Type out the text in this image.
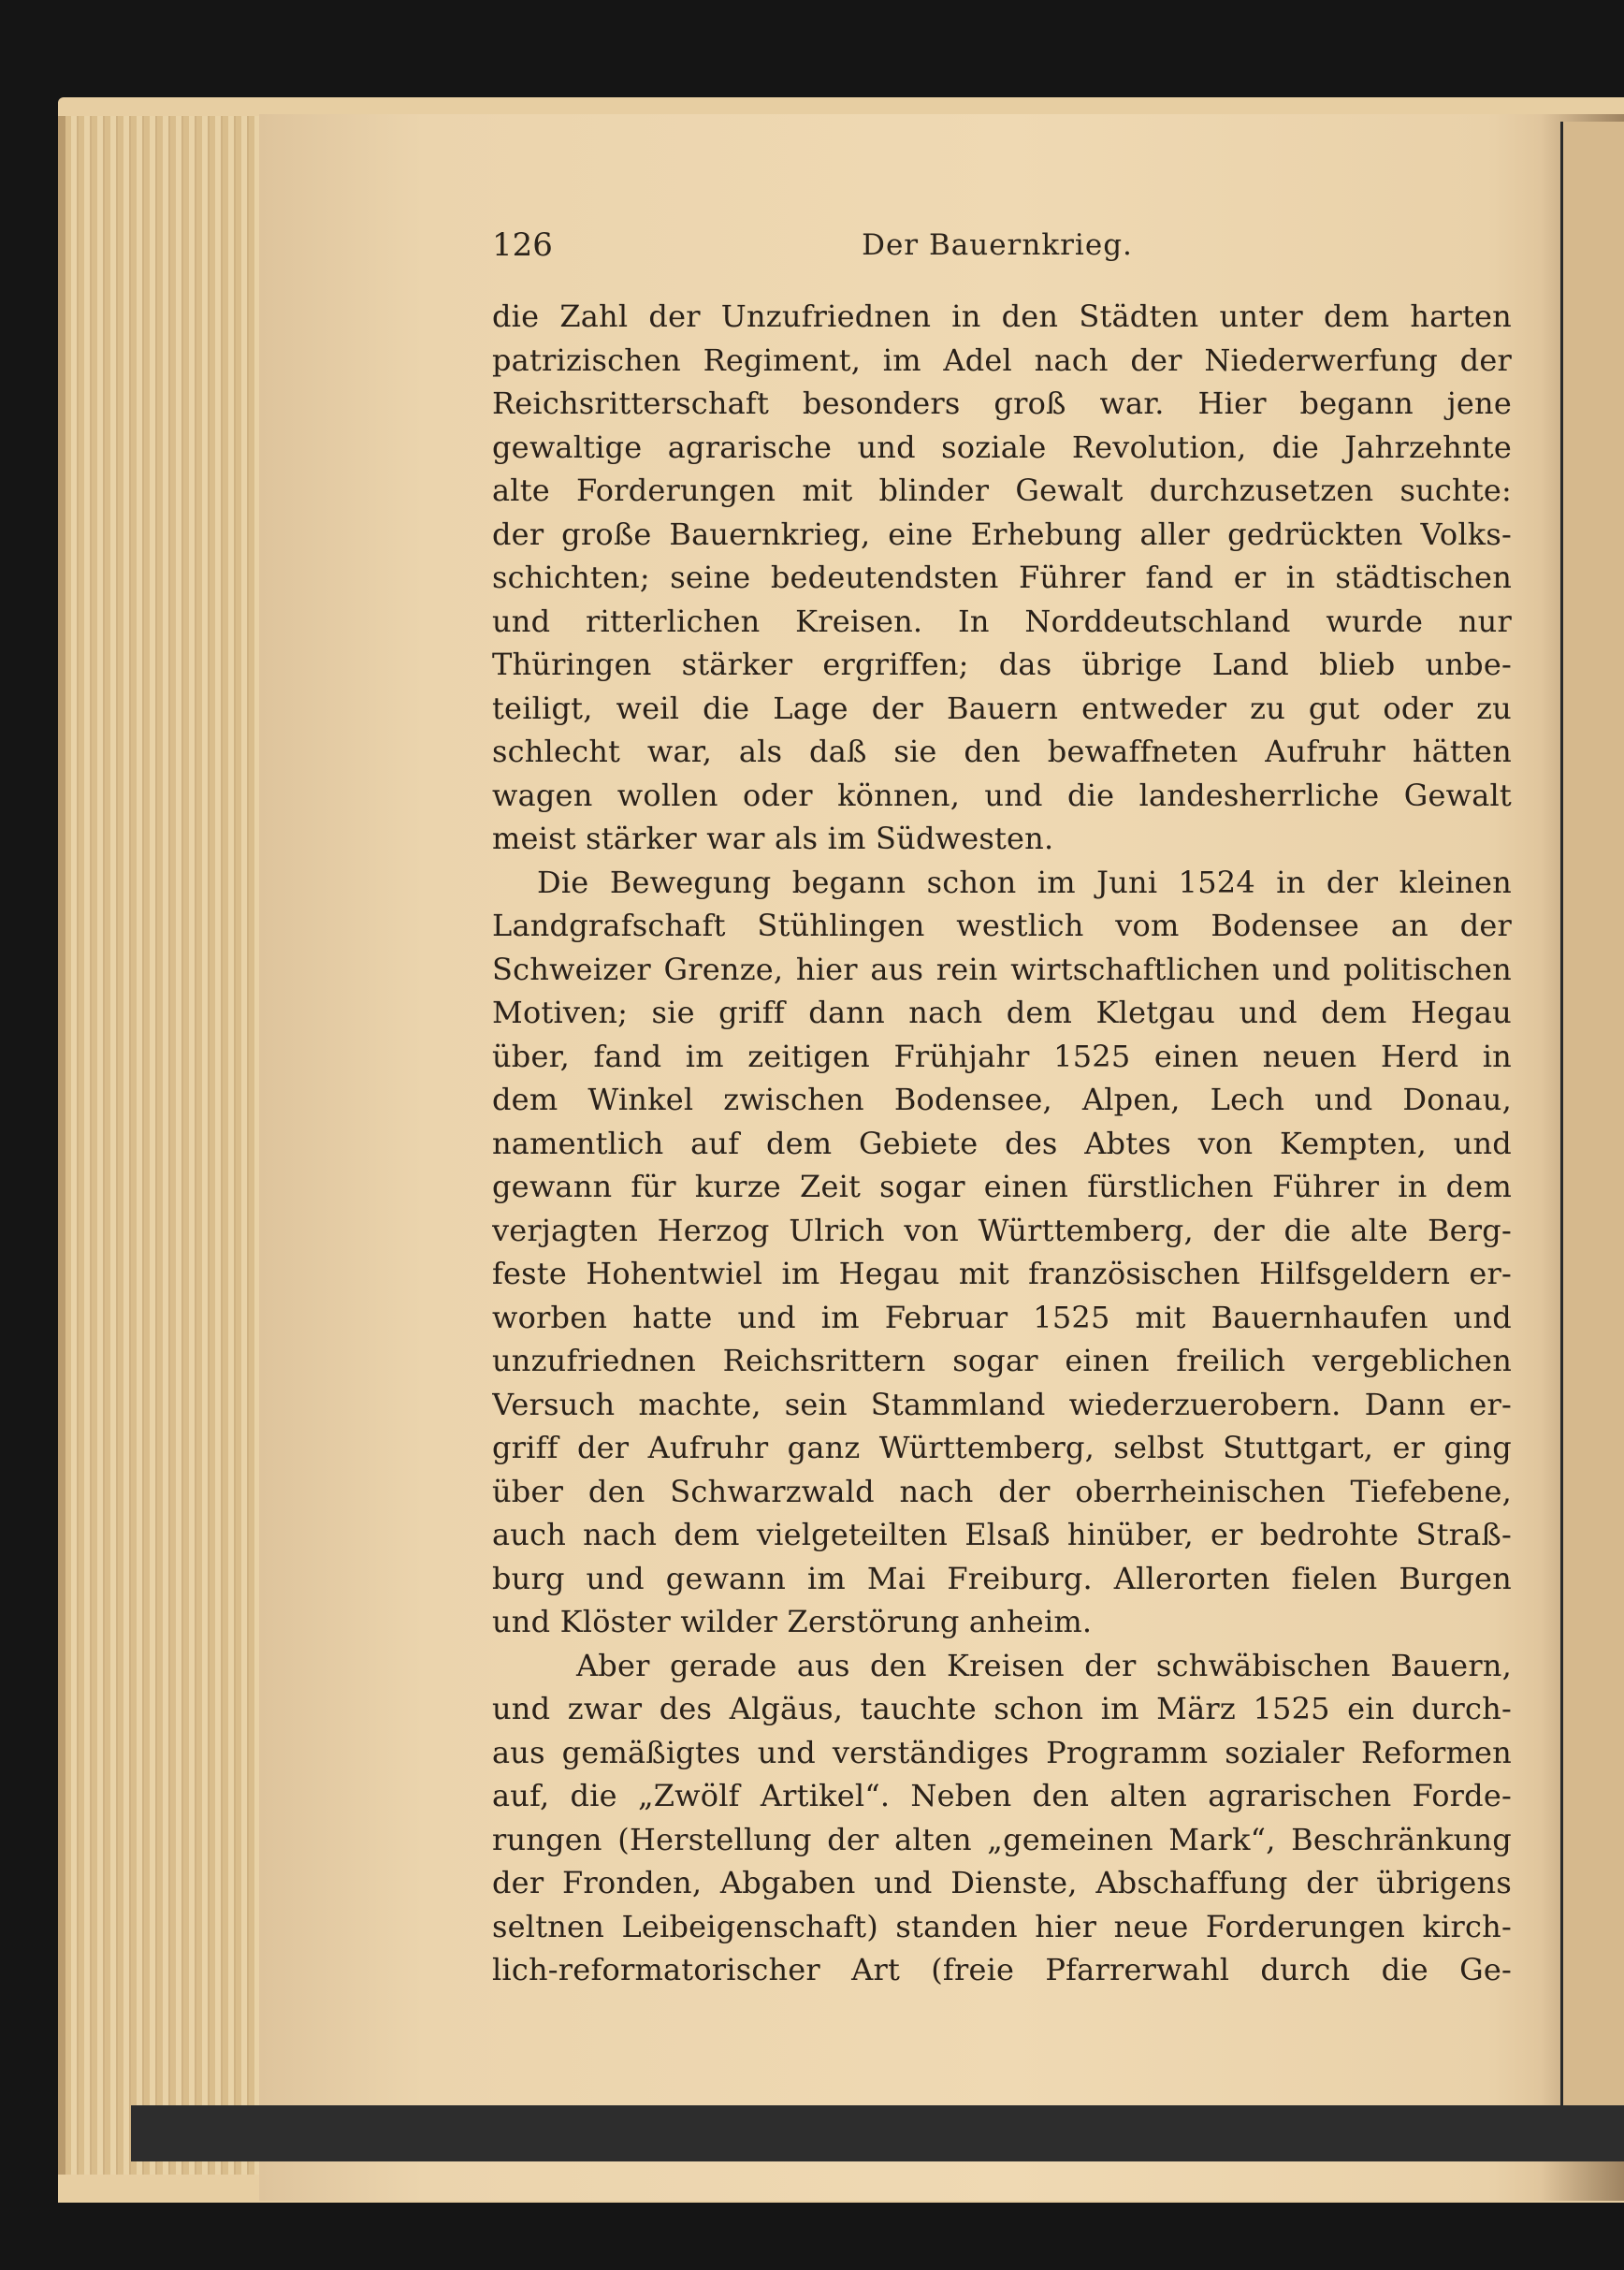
126	Der Bauernkrieg.
die Zahl der Unzufriednen in den Städten unter dem harten
patrizischen Regiment, im Adel nach der Niederwerfung der
Reichsritterschaft besonders groß war. Hier begann jene
gewaltige agrarische und soziale Revolution, die Jahrzehnte
alte Forderungen mit blinder Gewalt durchzusetzen suchte:
der große Bauernkrieg, eine Erhebung aller gedrückten Volks-
schichten; seine bedeutendsten Führer fand er in städtischen
und ritterlichen Kreisen. In Norddeutschland wurde nur
Thüringen stärker ergriffen; das übrige Land blieb unbe-
teiligt, weil die Lage der Bauern entweder zu gut oder zu
schlecht war, als daß sie den bewaffneten Aufruhr hätten
wagen wollen oder können, und die landesherrliche Gewalt
meist stärker war als im Südwesten.
Die Bewegung begann schon im Juni 1524 in der kleinen
Landgrafschaft Stühlingen westlich vom Bodensee an der
Schweizer Grenze, hier aus rein wirtschaftlichen und politischen
Motiven; sie griff dann nach dem Kletgau und dem Hegau
über, fand im zeitigen Frühjahr 1525 einen neuen Herd in
dem Winkel zwischen Bodensee, Alpen, Lech und Donau,
namentlich auf dem Gebiete des Abtes von Kempten, und
gewann für kurze Zeit sogar einen fürstlichen Führer in dem
verjagten Herzog Ulrich von Württemberg, der die alte Berg-
feste Hohentwiel im Hegau mit französischen Hilfsgeldern er-
worben hatte und im Februar 1525 mit Bauernhaufen und
unzufriednen Reichsrittern sogar einen freilich vergeblichen
Versuch machte, sein Stammland wiederzuerobern. Dann er-
griff der Aufruhr ganz Württemberg, selbst Stuttgart, er ging
über den Schwarzwald nach der oberrheinischen Tiefebene,
auch nach dem vielgeteilten Elsaß hinüber, er bedrohte Straß-
burg und gewann im Mai Freiburg. Allerorten fielen Burgen
und Klöster wilder Zerstörung anheim.
Aber gerade aus den Kreisen der schwäbischen Bauern,
und zwar des Algäus, tauchte schon im März 1525 ein durch-
aus gemäßigtes und verständiges Programm sozialer Reformen
auf, die „Zwölf Artikel“. Neben den alten agrarischen Forde-
rungen (Herstellung der alten „gemeinen Mark“, Beschränkung
der Fronden, Abgaben und Dienste, Abschaffung der übrigens
seltnen Leibeigenschaft) standen hier neue Forderungen kirch-
lich-reformatorischer Art (freie Pfarrerwahl durch die Ge-
